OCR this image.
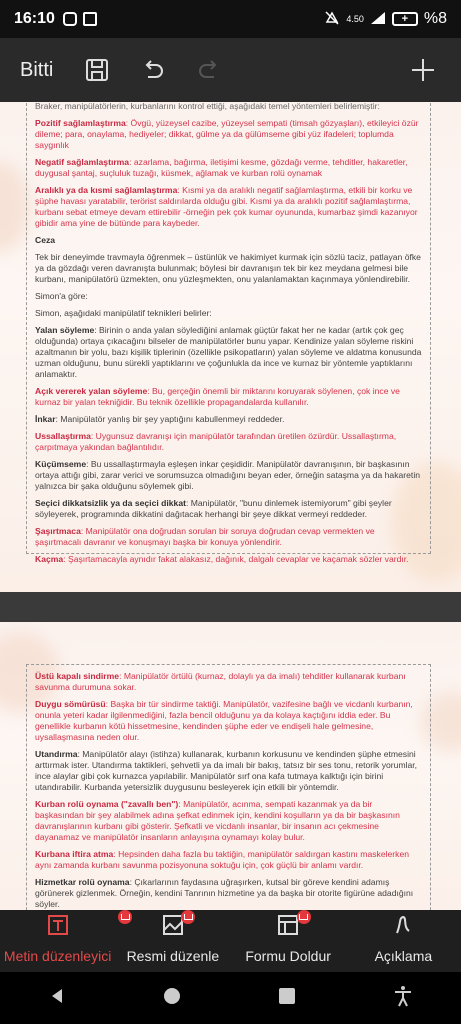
16:10	4.50	+ %8
Bitti
Braker, manipülatörlerin, kurbanlarını kontrol ettiği, aşağıdaki temel yöntemleri belirlemiştir:
Pozitif sağlamlaştırma: Övgü, yüzeysel cazibe, yüzeysel sempati (timsah gözyaşları), etkileyici özür dileme; para, onaylama, hediyeler; dikkat, gülme ya da gülümseme gibi yüz ifadeleri; toplumda saygınlık
Negatif sağlamlaştırma: azarlama, bağırma, iletişimi kesme, gözdağı verme, tehditler, hakaretler, duygusal şantaj, suçluluk tuzağı, küsmek, ağlamak ve kurban rolü oynamak
Aralıklı ya da kısmi sağlamlaştırma: Kısmi ya da aralıklı negatif sağlamlaştırma, etkili bir korku ve şüphe havası yaratabilir, terörist saldırılarda olduğu gibi. Kısmi ya da aralıklı pozitif sağlamlaştırma, kurbanı sebat etmeye devam ettirebilir -örneğin pek çok kumar oyununda, kumarbaz şimdi kazanıyor gibidir ama yine de bütünde para kaybeder.
Ceza
Tek bir deneyimde travmayla öğrenmek – üstünlük ve hakimiyet kurmak için sözlü taciz, patlayan öfke ya da gözdağı veren davranışta bulunmak; böylesi bir davranışın tek bir kez meydana gelmesi bile kurbanı, manipülatörü üzmekten, onu yüzleşmekten, onu yalanlamaktan kaçınmaya yönlendirebilir.
Simon'a göre:
Simon, aşağıdaki manipülatif teknikleri belirler:
Yalan söyleme: Birinin o anda yalan söylediğini anlamak güçtür fakat her ne kadar (artık çok geç olduğunda) ortaya çıkacağını bilseler de manipülatörler bunu yapar. Kendinize yalan söyleme riskini azaltmanın bir yolu, bazı kişilik tiplerinin (özellikle psikopatların) yalan söyleme ve aldatma konusunda uzman olduğunu, bunu sürekli yaptıklarını ve çoğunlukla da ince ve kurnaz bir yöntemle yaptıklarını anlamaktır.
Açık vererek yalan söyleme: Bu, gerçeğin önemli bir miktarını koruyarak söylenen, çok ince ve kurnaz bir yalan tekniğidir. Bu teknik özellikle propagandalarda kullanılır.
İnkar: Manipülatör yanlış bir şey yaptığını kabullenmeyi reddeder.
Ussallaştırma: Uygunsuz davranışı için manipülatör tarafından üretilen özürdür. Ussallaştırma, çarpıtmaya yakından bağlantılıdır.
Küçümseme: Bu ussallaştırmayla eşleşen inkar çeşididir. Manipülatör davranışının, bir başkasının ortaya attığı gibi, zarar verici ve sorumsuzca olmadığını beyan eder, örneğin sataşma ya da hakaretin yalnızca bir şaka olduğunu söylemek gibi.
Seçici dikkatsizlik ya da seçici dikkat: Manipülatör, "bunu dinlemek istemiyorum" gibi şeyler söyleyerek, programında dikkatini dağıtacak herhangi bir şeye dikkat vermeyi reddeder.
Şaşırtmaca: Manipülatör ona doğrudan sorulan bir soruya doğrudan cevap vermekten ve şaşırtmacalı davranır ve konuşmayı başka bir konuya yönlendirir.
Kaçma: Şaşırtamacayla aynıdır fakat alakasız, dağınık, dalgalı cevaplar ve kaçamak sözler vardır.
Üstü kapalı sindirme: Manipülatör örtülü (kurnaz, dolaylı ya da imalı) tehditler kullanarak kurbanı savunma durumuna sokar.
Duygu sömürüsü: Başka bir tür sindirme taktiği. Manipülatör, vazifesine bağlı ve vicdanlı kurbanın, onunla yeteri kadar ilgilenmediğini, fazla bencil olduğunu ya da kolaya kaçtığını iddia eder. Bu genellikle kurbanın kötü hissetmesine, kendinden şüphe eder ve endişeli hale gelmesine, uysallaşmasına neden olur.
Utandırma: Manipülatör alayı (istihza) kullanarak, kurbanın korkusunu ve kendinden şüphe etmesini arttırmak ister. Utandırma taktikleri, şehvetli ya da imalı bir bakış, tatsız bir ses tonu, retorik yorumlar, ince alaylar gibi çok kurnazca yapılabilir. Manipülatör sırf ona kafa tutmaya kalktığı için birini utandırabilir. Kurbanda yetersizlik duygusunu besleyerek için etkili bir yöntemdir.
Kurban rolü oynama ("zavallı ben"): Manipülatör, acınma, sempati kazanmak ya da bir başkasından bir şey alabilmek adına şefkat edinmek için, kendini koşulların ya da bir başkasının davranışlarının kurbanı gibi gösterir. Şefkatli ve vicdanlı insanlar, bir insanın acı çekmesine dayanamaz ve manipülatör insanların anlayışına oynamayı kolay bulur.
Kurbana iftira atma: Hepsinden daha fazla bu taktiğin, manipülatör saldırgan kastını maskelerken aynı zamanda kurbanı savunma pozisyonuna soktuğu için, çok güçlü bir anlamı vardır.
Hizmetkar rolü oynama: Çıkarlarının faydasına uğraşırken, kutsal bir göreve kendini adamış görünerek gizlenmek. Örneğin, kendini Tanrının hizmetine ya da başka bir otorite figürüne adadığını söyler.
Metin düzenleyici Resmi düzenle Formu Doldur	Açıklama
